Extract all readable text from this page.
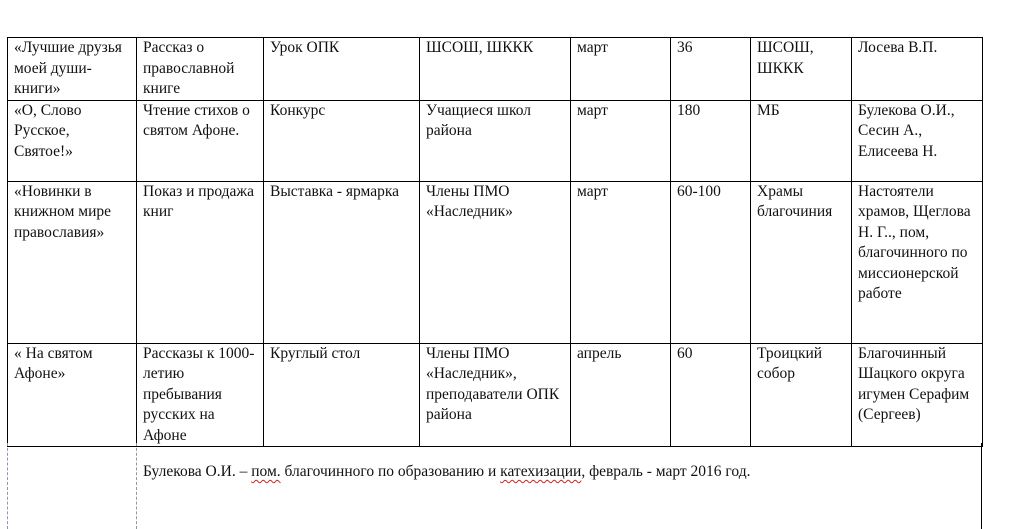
«Лучшие друзья моей души- книги»	Рассказ о православной книге	Урок ОПК	ШСОШ, ШККК	март	36	ШСОШ, ШККК	Лосева В.П.
«О, Слово Русское, Святое!»	Чтение стихов о святом Афоне.	Конкурс	Учащиеся школ района	март	180	МБ	Булекова О.И., Сесин А., Елисеева Н.
«Новинки в книжном мире православия»	Показ и продажа книг	Выставка - ярмарка	Члены ПМО «Наследник»	март	60-100	Храмы благочиния	Настоятели храмов, Щеглова Н. Г.., пом, благочинного по миссионерской работе
« На святом Афоне»	Рассказы к 1000-летию пребывания русских на Афоне	Круглый стол	Члены ПМО «Наследник», преподаватели ОПК района	апрель	60	Троицкий собор	Благочинный Шацкого округа игумен Серафим (Сергеев)
Булекова О.И. – пом. благочинного по образованию и катехизации, февраль - март 2016 год.
